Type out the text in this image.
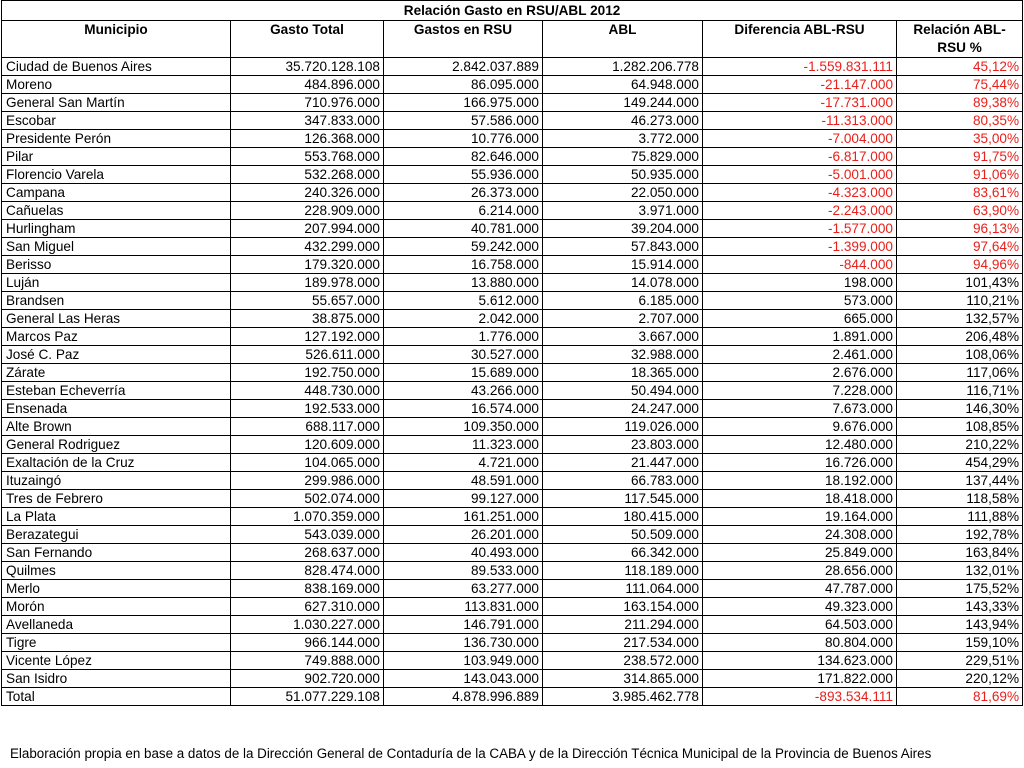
Relación Gasto en RSU/ABL 2012					
Municipio	Gasto Total	Gastos en RSU	ABL	Diferencia ABL-RSU	Relación ABL-RSU %
Ciudad de Buenos Aires	35.720.128.108	2.842.037.889	1.282.206.778	-1.559.831.111	45,12%
Moreno	484.896.000	86.095.000	64.948.000	-21.147.000	75,44%
General San Martín	710.976.000	166.975.000	149.244.000	-17.731.000	89,38%
Escobar	347.833.000	57.586.000	46.273.000	-11.313.000	80,35%
Presidente Perón	126.368.000	10.776.000	3.772.000	-7.004.000	35,00%
Pilar	553.768.000	82.646.000	75.829.000	-6.817.000	91,75%
Florencio Varela	532.268.000	55.936.000	50.935.000	-5.001.000	91,06%
Campana	240.326.000	26.373.000	22.050.000	-4.323.000	83,61%
Cañuelas	228.909.000	6.214.000	3.971.000	-2.243.000	63,90%
Hurlingham	207.994.000	40.781.000	39.204.000	-1.577.000	96,13%
San Miguel	432.299.000	59.242.000	57.843.000	-1.399.000	97,64%
Berisso	179.320.000	16.758.000	15.914.000	-844.000	94,96%
Luján	189.978.000	13.880.000	14.078.000	198.000	101,43%
Brandsen	55.657.000	5.612.000	6.185.000	573.000	110,21%
General Las Heras	38.875.000	2.042.000	2.707.000	665.000	132,57%
Marcos Paz	127.192.000	1.776.000	3.667.000	1.891.000	206,48%
José C. Paz	526.611.000	30.527.000	32.988.000	2.461.000	108,06%
Zárate	192.750.000	15.689.000	18.365.000	2.676.000	117,06%
Esteban Echeverría	448.730.000	43.266.000	50.494.000	7.228.000	116,71%
Ensenada	192.533.000	16.574.000	24.247.000	7.673.000	146,30%
Alte Brown	688.117.000	109.350.000	119.026.000	9.676.000	108,85%
General Rodriguez	120.609.000	11.323.000	23.803.000	12.480.000	210,22%
Exaltación de la Cruz	104.065.000	4.721.000	21.447.000	16.726.000	454,29%
Ituzaingó	299.986.000	48.591.000	66.783.000	18.192.000	137,44%
Tres de Febrero	502.074.000	99.127.000	117.545.000	18.418.000	118,58%
La Plata	1.070.359.000	161.251.000	180.415.000	19.164.000	111,88%
Berazategui	543.039.000	26.201.000	50.509.000	24.308.000	192,78%
San Fernando	268.637.000	40.493.000	66.342.000	25.849.000	163,84%
Quilmes	828.474.000	89.533.000	118.189.000	28.656.000	132,01%
Merlo	838.169.000	63.277.000	111.064.000	47.787.000	175,52%
Morón	627.310.000	113.831.000	163.154.000	49.323.000	143,33%
Avellaneda	1.030.227.000	146.791.000	211.294.000	64.503.000	143,94%
Tigre	966.144.000	136.730.000	217.534.000	80.804.000	159,10%
Vicente López	749.888.000	103.949.000	238.572.000	134.623.000	229,51%
San Isidro	902.720.000	143.043.000	314.865.000	171.822.000	220,12%
Total	51.077.229.108	4.878.996.889	3.985.462.778	-893.534.111	81,69%
Elaboración propia en base a datos de la Dirección General de Contaduría de la CABA y de la Dirección Técnica Municipal de la Provincia de Buenos Aires
